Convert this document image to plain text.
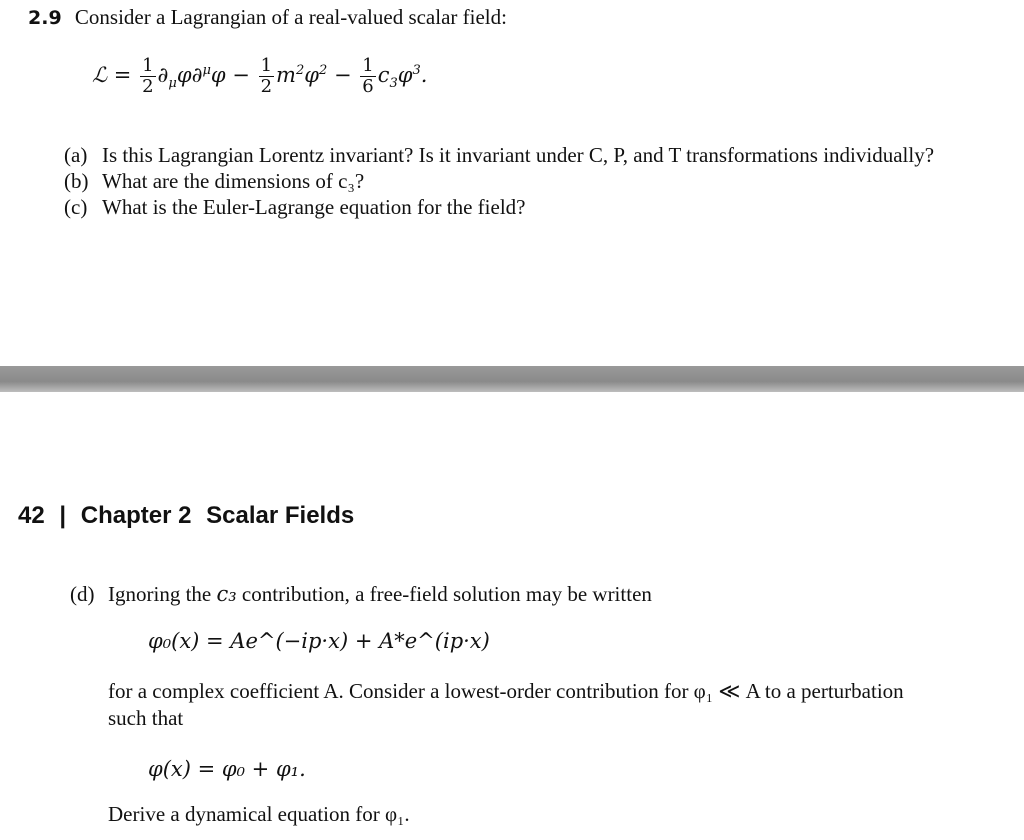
2.9 Consider a Lagrangian of a real-valued scalar field:
ℒ = $\frac{1}{2} \partial_\mu\varphi\partial^\mu\varphi - \frac{1}{2} m^2\varphi^2 - \frac{1}{6} c_3\varphi^3$.
(a) Is this Lagrangian Lorentz invariant? Is it invariant under C, P, and T transformations individually?
(b) What are the dimensions of c₃?
(c) What is the Euler-Lagrange equation for the field?
42 | Chapter 2 Scalar Fields
(d) Ignoring the c₃ contribution, a free-field solution may be written
φ₀(x) = Ae^(−ip·x) + A*e^(ip·x)
for a complex coefficient A. Consider a lowest-order contribution for φ₁ ≪ A to a perturbation
such that
φ(x) = φ₀ + φ₁.
Derive a dynamical equation for φ₁.
